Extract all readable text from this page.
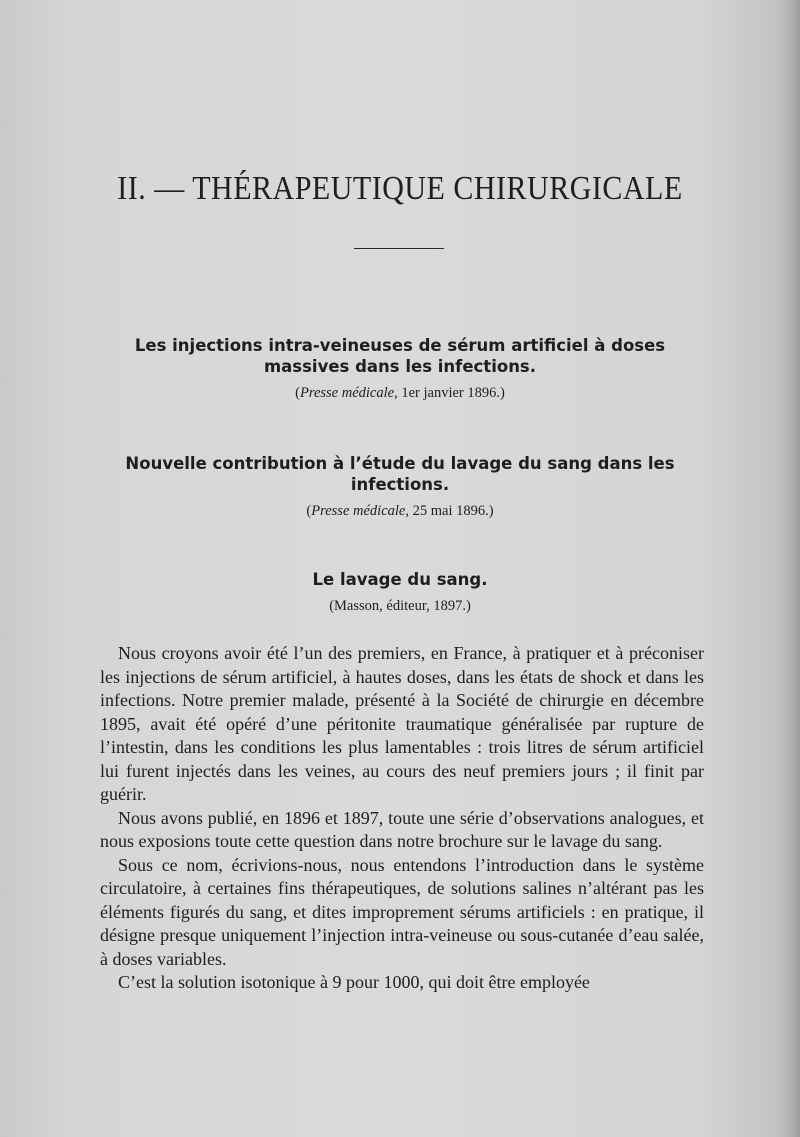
II. — THÉRAPEUTIQUE CHIRURGICALE
Les injections intra-veineuses de sérum artificiel à doses massives dans les infections.
(Presse médicale, 1er janvier 1896.)
Nouvelle contribution à l’étude du lavage du sang dans les infections.
(Presse médicale, 25 mai 1896.)
Le lavage du sang.
(Masson, éditeur, 1897.)

Nous croyons avoir été l’un des premiers, en France, à pratiquer et à préconiser les injections de sérum artificiel, à hautes doses, dans les états de shock et dans les infections. Notre premier malade, présenté à la Société de chirurgie en décembre 1895, avait été opéré d’une péritonite traumatique généralisée par rupture de l’intestin, dans les conditions les plus lamentables : trois litres de sérum artificiel lui furent injectés dans les veines, au cours des neuf premiers jours ; il finit par guérir.

Nous avons publié, en 1896 et 1897, toute une série d’observations analogues, et nous exposions toute cette question dans notre brochure sur le lavage du sang.

Sous ce nom, écrivions-nous, nous entendons l’introduction dans le système circulatoire, à certaines fins thérapeutiques, de solutions salines n’altérant pas les éléments figurés du sang, et dites improprement sérums artificiels : en pratique, il désigne presque uniquement l’injection intra-veineuse ou sous-cutanée d’eau salée, à doses variables.

C’est la solution isotonique à 9 pour 1000, qui doit être employée
